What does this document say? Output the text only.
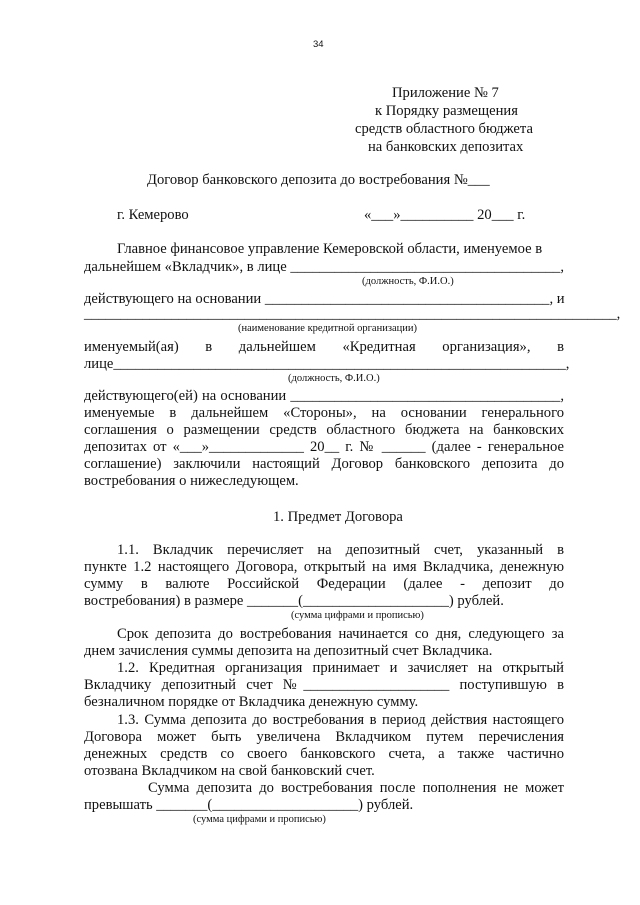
34
Приложение № 7
к Порядку размещения
средств областного бюджета
на банковских депозитах
Договор банковского депозита до востребования №___
г. Кемерово	«___»__________ 20___ г.
Главное финансовое управление Кемеровской области, именуемое в
дальнейшем «Вкладчик», в лице _____________________________________,
(должность, Ф.И.О.)
действующего на основании _______________________________________, и
_________________________________________________________________________,
(наименование кредитной организации)
именуемый(ая) в дальнейшем «Кредитная организация», в
лице______________________________________________________________,
(должность, Ф.И.О.)
действующего(ей) на основании _____________________________________,
именуемые в дальнейшем «Стороны», на основании генерального
соглашения о размещении средств областного бюджета на банковских
депозитах от «___»_____________ 20__ г. № ______ (далее - генеральное
соглашение) заключили настоящий Договор банковского депозита до
востребования о нижеследующем.
1. Предмет Договора
1.1. Вкладчик перечисляет на депозитный счет, указанный в
пункте 1.2 настоящего Договора, открытый на имя Вкладчика, денежную
сумму в валюте Российской Федерации (далее - депозит до
востребования) в размере _______(____________________) рублей.
(сумма цифрами и прописью)
Срок депозита до востребования начинается со дня, следующего за
днем зачисления суммы депозита на депозитный счет Вкладчика.
1.2. Кредитная организация принимает и зачисляет на открытый
Вкладчику депозитный счет №____________________ поступившую в
безналичном порядке от Вкладчика денежную сумму.
1.3. Сумма депозита до востребования в период действия настоящего
Договора может быть увеличена Вкладчиком путем перечисления
денежных средств со своего банковского счета, а также частично
отозвана Вкладчиком на свой банковский счет.
Сумма депозита до востребования после пополнения не может
превышать _______(____________________) рублей.
(сумма цифрами и прописью)
